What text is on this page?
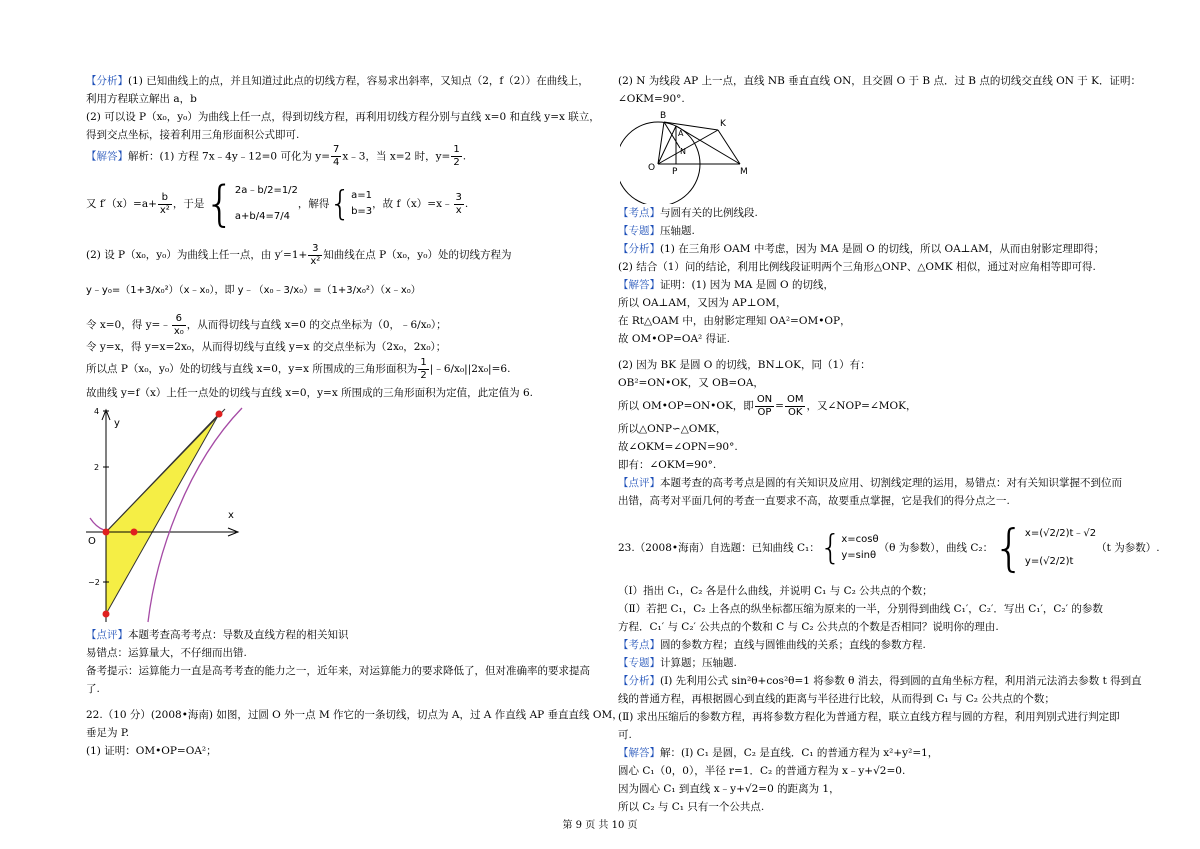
【分析】(1) 已知曲线上的点，并且知道过此点的切线方程，容易求出斜率，又知点（2，f（2））在曲线上，
利用方程联立解出 a，b
(2) 可以设 P（x₀，y₀）为曲线上任一点，得到切线方程，再利用切线方程分别与直线 x=0 和直线 y=x 联立，
得到交点坐标，接着利用三角形面积公式即可.
【解答】解析：(1) 方程 7x﹣4y﹣12=0 可化为 $y= \frac{7}{4}$ x﹣3，当 x=2 时，$y= \frac{1}{2}$ .
又 $f'(x)=a+ \frac{b}{\text{x²}}$ ，于是 { 2a﹣b/2=1/2
a+b/4=7/4
，解得 { a=1
b=3
，故 f（x）=x﹣ $\frac{3}{x}$ .
(2) 设 P（x₀，y₀）为曲线上任一点，由 $y'=1+ \frac{3}{\text{x²}}$ 知曲线在点 P（x₀，y₀）处的切线方程为
y﹣y₀=（1+3/x₀²）（x﹣x₀），即 y﹣（x₀﹣3/x₀）=（1+3/x₀²）（x﹣x₀）
令 x=0，得 y=﹣ $\frac{6}{\text{x₀}}$ ，从而得切线与直线 x=0 的交点坐标为（0，﹣6/x₀）；
令 y=x，得 y=x=2x₀，从而得切线与直线 y=x 的交点坐标为（2x₀，2x₀）；
所以点 P（x₀，y₀）处的切线与直线 x=0，y=x 所围成的三角形面积为 $\frac{1}{2}$ |﹣6/x₀||2x₀|=6.
故曲线 y=f（x）上任一点处的切线与直线 x=0，y=x 所围成的三角形面积为定值，此定值为 6.
4
2
−2
y
x
O
【点评】本题考查高考考点：导数及直线方程的相关知识
易错点：运算量大，不仔细而出错.
备考提示：运算能力一直是高考考查的能力之一，近年来，对运算能力的要求降低了，但对准确率的要求提高
了.
22.（10 分）(2008•海南) 如图，过圆 O 外一点 M 作它的一条切线，切点为 A，过 A 作直线 AP 垂直直线 OM，
垂足为 P.
(1) 证明：OM•OP=OA²；
(2) N 为线段 AP 上一点，直线 NB 垂直直线 ON，且交圆 O 于 B 点．过 B 点的切线交直线 ON 于 K．证明：
∠OKM=90°.
B
K
A
N
O P	M
【考点】与圆有关的比例线段.
【专题】压轴题.
【分析】(1) 在三角形 OAM 中考虑，因为 MA 是圆 O 的切线，所以 OA⊥AM，从而由射影定理即得；
(2) 结合（1）问的结论，利用比例线段证明两个三角形△ONP、△OMK 相似，通过对应角相等即可得.
【解答】证明：(1) 因为 MA 是圆 O 的切线，
所以 OA⊥AM，又因为 AP⊥OM，
在 Rt△OAM 中，由射影定理知 OA²=OM•OP，
故 OM•OP=OA² 得证.
(2) 因为 BK 是圆 O 的切线，BN⊥OK，同（1）有：
OB²=ON•OK，又 OB=OA，
所以 OM•OP=ON•OK，即 $\frac{ON}{OP} = \frac{OM}{OK}$ ，又∠NOP=∠MOK，
所以△ONP∽△OMK，
故∠OKM=∠OPN=90°.
即有：∠OKM=90°.
【点评】本题考查的高考考点是圆的有关知识及应用、切割线定理的运用，易错点：对有关知识掌握不到位而
出错，高考对平面几何的考查一直要求不高，故要重点掌握，它是我们的得分点之一.
23.（2008•海南）自选题：已知曲线 C₁： { x=cosθ
y=sinθ
（θ 为参数），曲线 C₂： { x=(√2/2)t﹣√2
y=(√2/2)t
（t 为参数）.
（Ⅰ）指出 C₁，C₂ 各是什么曲线，并说明 C₁ 与 C₂ 公共点的个数；
（Ⅱ）若把 C₁，C₂ 上各点的纵坐标都压缩为原来的一半，分别得到曲线 C₁′，C₂′．写出 C₁′，C₂′ 的参数
方程．C₁′ 与 C₂′ 公共点的个数和 C 与 C₂ 公共点的个数是否相同？说明你的理由.
【考点】圆的参数方程；直线与圆锥曲线的关系；直线的参数方程.
【专题】计算题；压轴题.
【分析】(Ⅰ) 先利用公式 sin²θ+cos²θ=1 将参数 θ 消去，得到圆的直角坐标方程，利用消元法消去参数 t 得到直
线的普通方程，再根据圆心到直线的距离与半径进行比较，从而得到 C₁ 与 C₂ 公共点的个数；
(Ⅱ) 求出压缩后的参数方程，再将参数方程化为普通方程，联立直线方程与圆的方程，利用判别式进行判定即
可.
【解答】解：(Ⅰ) C₁ 是圆，C₂ 是直线．C₁ 的普通方程为 x²+y²=1，
圆心 C₁（0，0），半径 r=1．C₂ 的普通方程为 x﹣y+√2=0.
因为圆心 C₁ 到直线 x﹣y+√2=0 的距离为 1，
所以 C₂ 与 C₁ 只有一个公共点.
第 9 页 共 10 页
